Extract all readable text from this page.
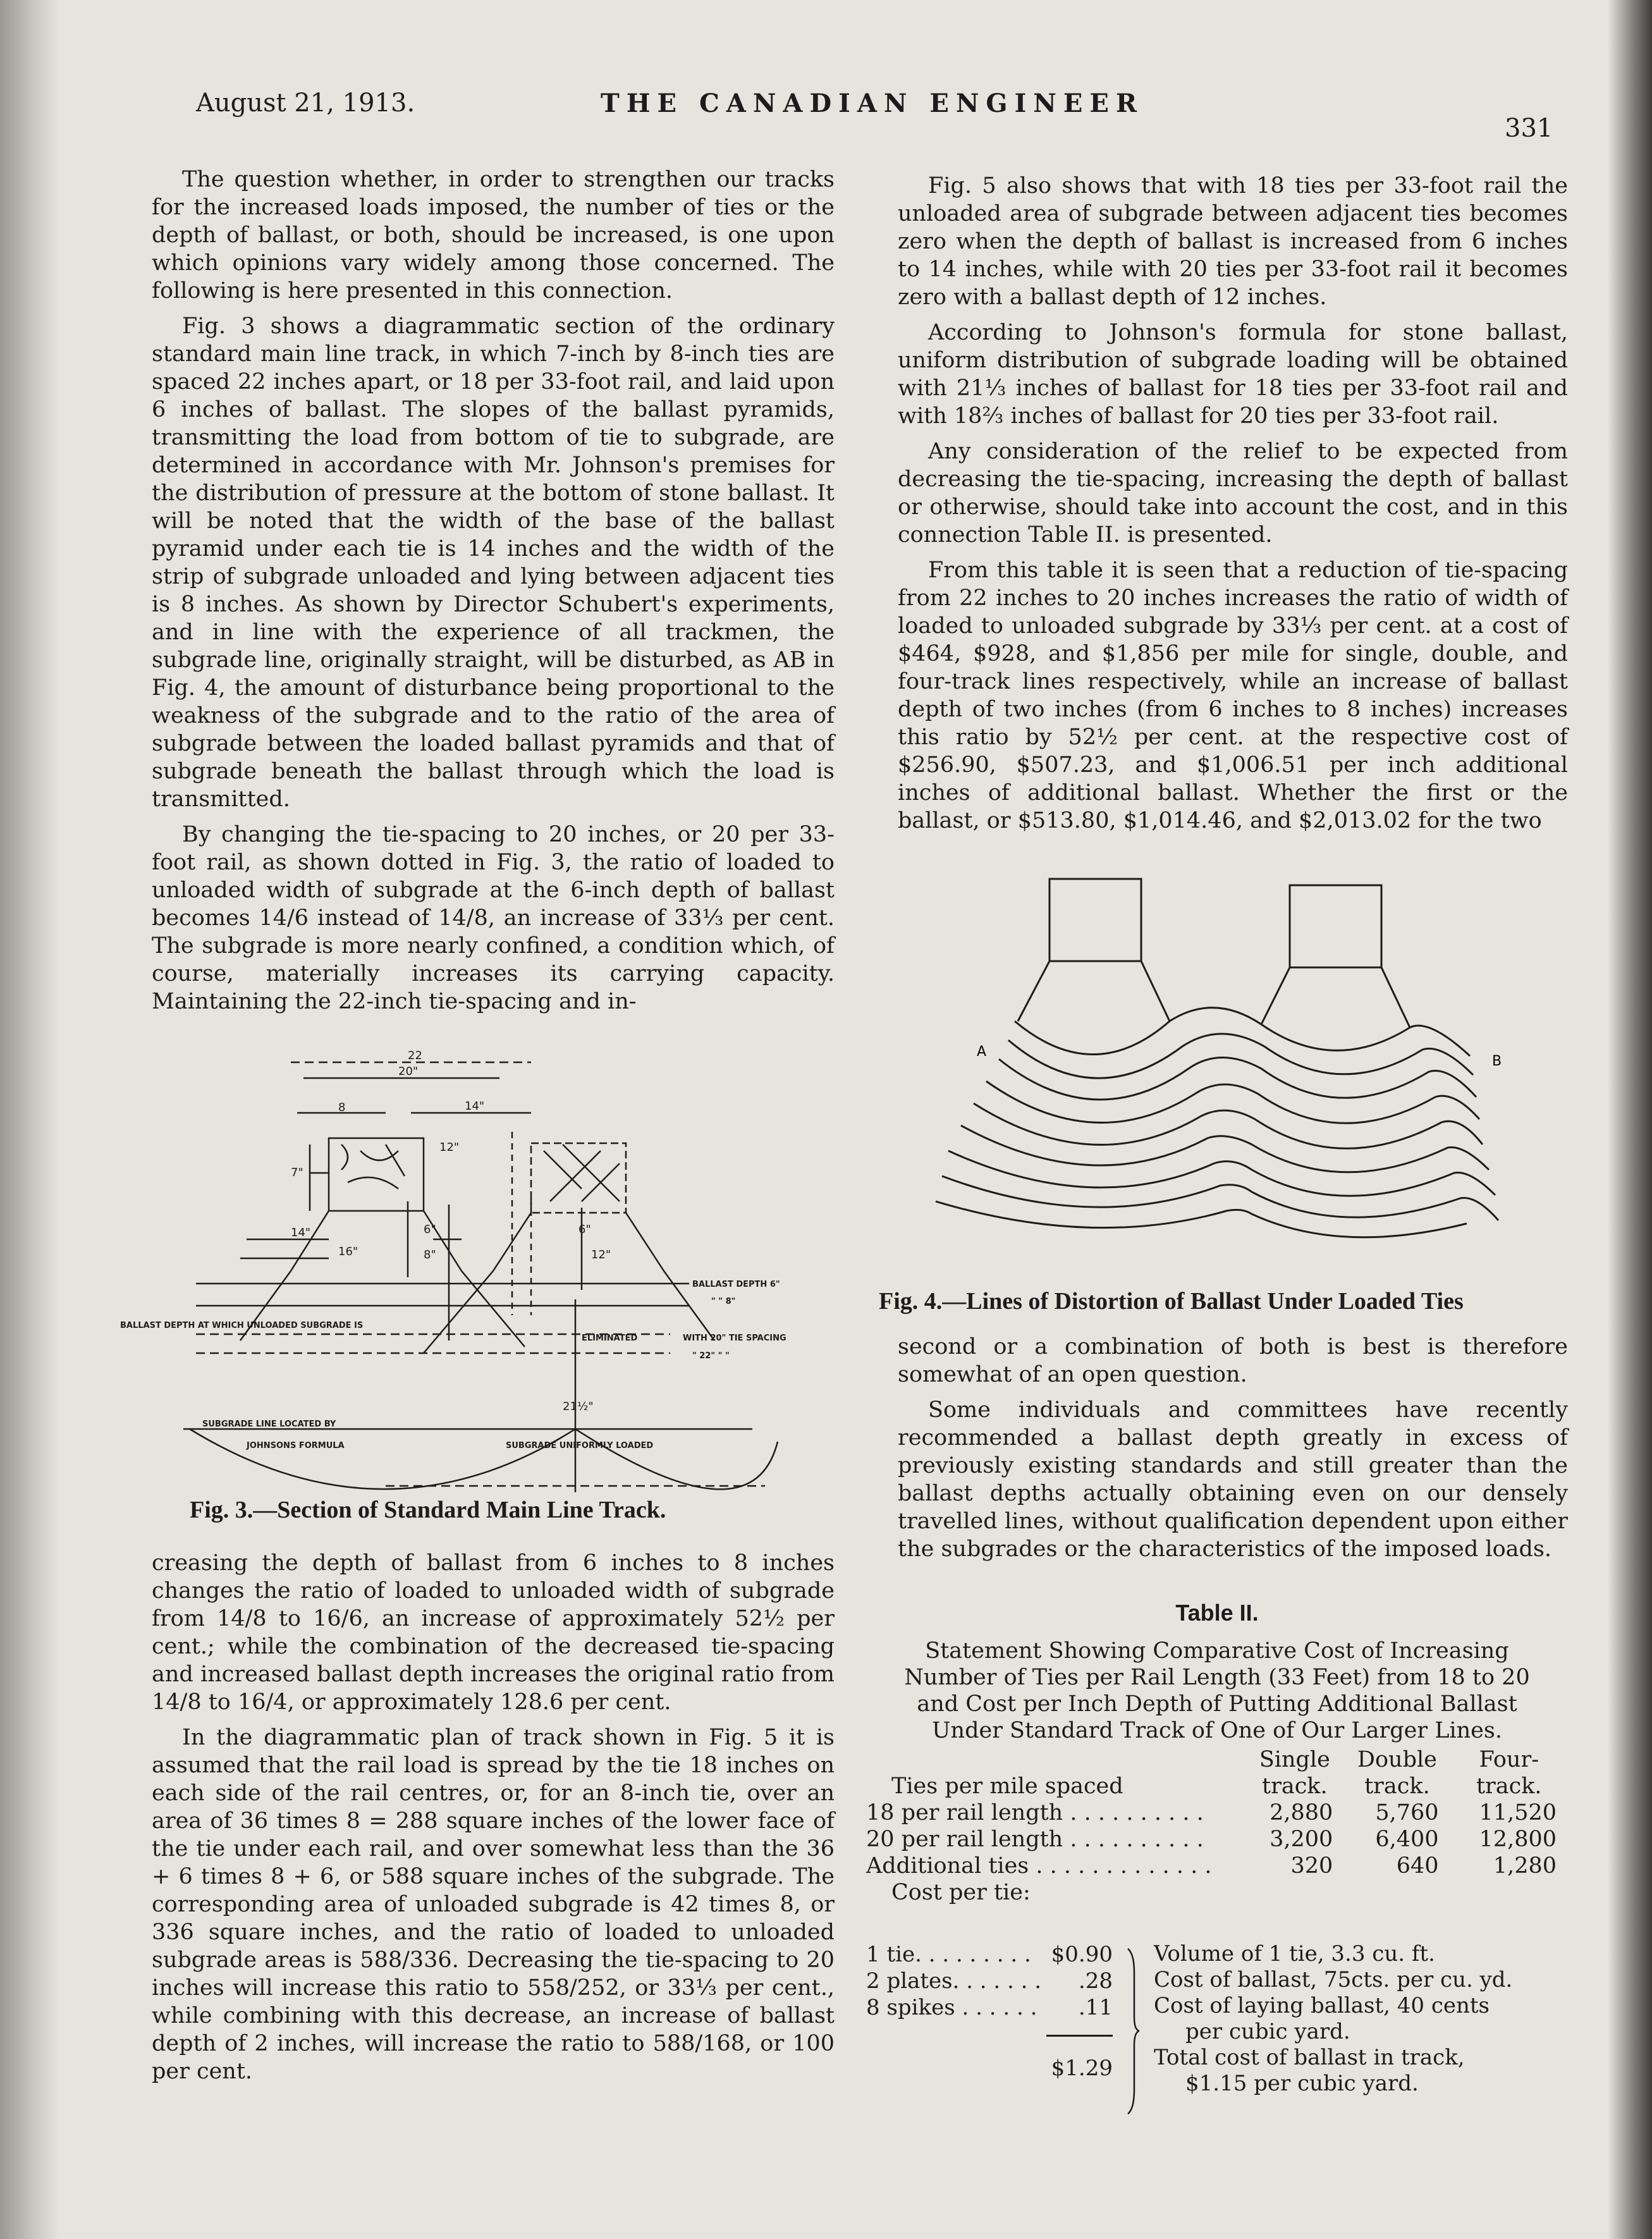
August 21, 1913.	THE CANADIAN ENGINEER
331

The question whether, in order to strengthen our tracks for the increased loads imposed, the number of ties or the depth of ballast, or both, should be increased, is one upon which opinions vary widely among those concerned. The following is here presented in this connection.

Fig. 3 shows a diagrammatic section of the ordinary standard main line track, in which 7-inch by 8-inch ties are spaced 22 inches apart, or 18 per 33-foot rail, and laid upon 6 inches of ballast. The slopes of the ballast pyramids, transmitting the load from bottom of tie to subgrade, are determined in accordance with Mr. Johnson's premises for the distribution of pressure at the bottom of stone ballast. It will be noted that the width of the base of the ballast pyramid under each tie is 14 inches and the width of the strip of subgrade unloaded and lying between adjacent ties is 8 inches. As shown by Director Schubert's experiments, and in line with the experience of all trackmen, the subgrade line, originally straight, will be disturbed, as AB in Fig. 4, the amount of disturbance being proportional to the weakness of the subgrade and to the ratio of the area of subgrade between the loaded ballast pyramids and that of subgrade beneath the ballast through which the load is transmitted.

By changing the tie-spacing to 20 inches, or 20 per 33-foot rail, as shown dotted in Fig. 3, the ratio of loaded to unloaded width of subgrade at the 6-inch depth of ballast becomes 14/6 instead of 14/8, an increase of 33⅓ per cent. The subgrade is more nearly confined, a condition which, of course, materially increases its carrying capacity. Maintaining the 22-inch tie-spacing and in-

22
20"
8	14"
12"
7"
14"
16"
6"	6"
8"	12"
21½"
BALLAST DEPTH 6"
" " 8"
BALLAST DEPTH AT WHICH UNLOADED SUBGRADE IS
ELIMINATED	WITH 20" TIE SPACING
" 22" " "
SUBGRADE LINE LOCATED BY
JOHNSONS FORMULA	SUBGRADE UNIFORMLY LOADED
Fig. 3.—Section of Standard Main Line Track.

creasing the depth of ballast from 6 inches to 8 inches changes the ratio of loaded to unloaded width of subgrade from 14/8 to 16/6, an increase of approximately 52½ per cent.; while the combination of the decreased tie-spacing and increased ballast depth increases the original ratio from 14/8 to 16/4, or approximately 128.6 per cent.

In the diagrammatic plan of track shown in Fig. 5 it is assumed that the rail load is spread by the tie 18 inches on each side of the rail centres, or, for an 8-inch tie, over an area of 36 times 8 = 288 square inches of the lower face of the tie under each rail, and over somewhat less than the 36 + 6 times 8 + 6, or 588 square inches of the subgrade. The corresponding area of unloaded subgrade is 42 times 8, or 336 square inches, and the ratio of loaded to unloaded subgrade areas is 588/336. Decreasing the tie-spacing to 20 inches will increase this ratio to 558/252, or 33⅓ per cent., while combining with this decrease, an increase of ballast depth of 2 inches, will increase the ratio to 588/168, or 100 per cent.

Fig. 5 also shows that with 18 ties per 33-foot rail the unloaded area of subgrade between adjacent ties becomes zero when the depth of ballast is increased from 6 inches to 14 inches, while with 20 ties per 33-foot rail it becomes zero with a ballast depth of 12 inches.

According to Johnson's formula for stone ballast, uniform distribution of subgrade loading will be obtained with 21⅓ inches of ballast for 18 ties per 33-foot rail and with 18⅔ inches of ballast for 20 ties per 33-foot rail.

Any consideration of the relief to be expected from decreasing the tie-spacing, increasing the depth of ballast or otherwise, should take into account the cost, and in this connection Table II. is presented.

From this table it is seen that a reduction of tie-spacing from 22 inches to 20 inches increases the ratio of width of loaded to unloaded subgrade by 33⅓ per cent. at a cost of $464, $928, and $1,856 per mile for single, double, and four-track lines respectively, while an increase of ballast depth of two inches (from 6 inches to 8 inches) increases this ratio by 52½ per cent. at the respective cost of $256.90, $507.23, and $1,006.51 per inch additional inches of additional ballast. Whether the first or the ballast, or $513.80, $1,014.46, and $2,013.02 for the two

A
B
Fig. 4.—Lines of Distortion of Ballast Under Loaded Ties

second or a combination of both is best is therefore somewhat of an open question.

Some individuals and committees have recently recommended a ballast depth greatly in excess of previously existing standards and still greater than the ballast depths actually obtaining even on our densely travelled lines, without qualification dependent upon either the subgrades or the characteristics of the imposed loads.

Table II.
Statement Showing Comparative Cost of Increasing Number of Ties per Rail Length (33 Feet) from 18 to 20 and Cost per Inch Depth of Putting Additional Ballast Under Standard Track of One of Our Larger Lines.
	Single	Double	Four-
Ties per mile spaced	track.	track.	track.
18 per rail length . . . . . . . . . .	2,880	5,760	11,520
20 per rail length . . . . . . . . . .	3,200	6,400	12,800
Additional ties . . . . . . . . . . . . .	320	640	1,280
Cost per tie:			
1 tie. . . . . . . . . $0.90
2 plates. . . . . . .	.28
8 spikes . . . . . .	.11
$1.29
Volume of 1 tie, 3.3 cu. ft.
Cost of ballast, 75cts. per cu. yd.
Cost of laying ballast, 40 cents
per cubic yard.
Total cost of ballast in track,
$1.15 per cubic yard.
